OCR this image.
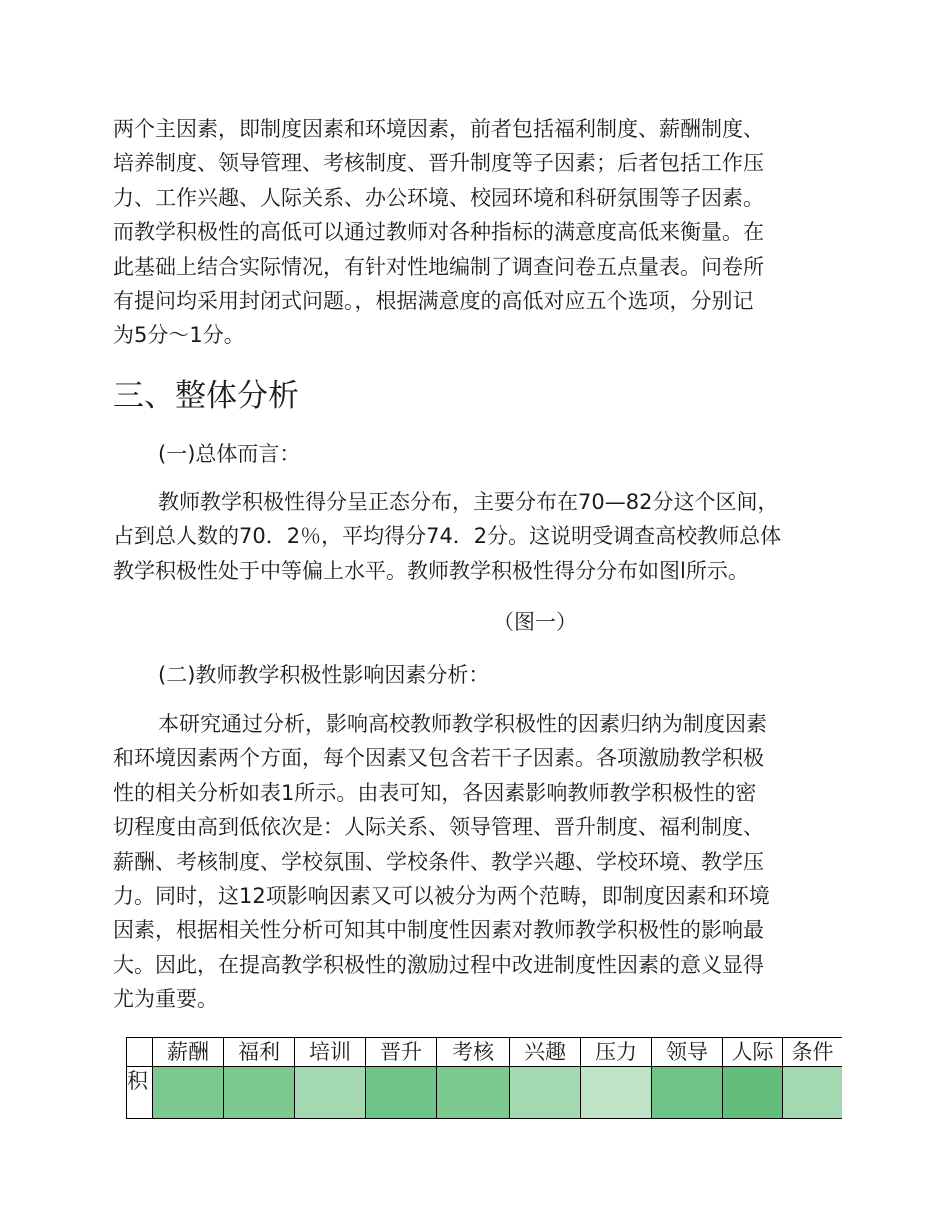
两个主因素，即制度因素和环境因素，前者包括福利制度、薪酬制度、
培养制度、领导管理、考核制度、晋升制度等子因素；后者包括工作压
力、工作兴趣、人际关系、办公环境、校园环境和科研氛围等子因素。
而教学积极性的高低可以通过教师对各种指标的满意度高低来衡量。在
此基础上结合实际情况，有针对性地编制了调查问卷五点量表。问卷所
有提问均采用封闭式问题。，根据满意度的高低对应五个选项，分别记
为5分～1分。
三、整体分析

(一)总体而言：

教师教学积极性得分呈正态分布，主要分布在70—82分这个区间，
占到总人数的70．2％，平均得分74．2分。这说明受调查高校教师总体
教学积极性处于中等偏上水平。教师教学积极性得分分布如图l所示。
（图一）

(二)教师教学积极性影响因素分析：

本研究通过分析，影响高校教师教学积极性的因素归纳为制度因素
和环境因素两个方面，每个因素又包含若干子因素。各项激励教学积极
性的相关分析如表1所示。由表可知，各因素影响教师教学积极性的密
切程度由高到低依次是：人际关系、领导管理、晋升制度、福利制度、
薪酬、考核制度、学校氛围、学校条件、教学兴趣、学校环境、教学压
力。同时，这12项影响因素又可以被分为两个范畴，即制度因素和环境
因素，根据相关性分析可知其中制度性因素对教师教学积极性的影响最
大。因此，在提高教学积极性的激励过程中改进制度性因素的意义显得
尤为重要。
	薪酬	福利	培训	晋升	考核	兴趣	压力	领导	人际	条件
积										
